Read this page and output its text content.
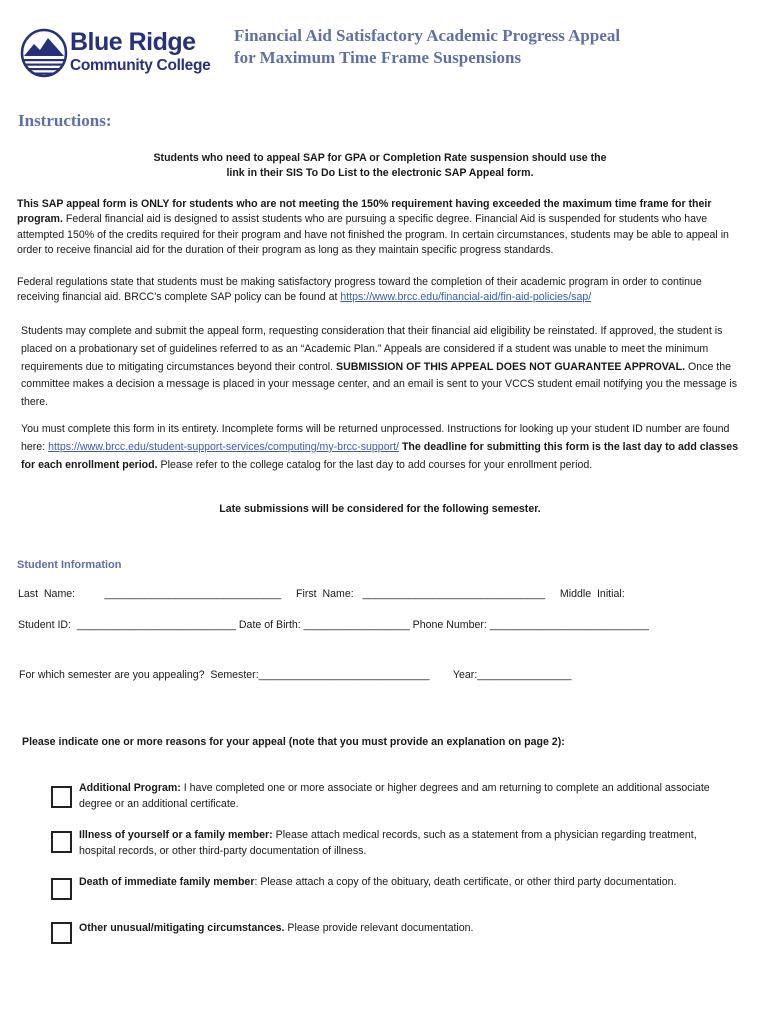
Blue Ridge
Community College
Financial Aid Satisfactory Academic Progress Appeal
for Maximum Time Frame Suspensions
Instructions:
Students who need to appeal SAP for GPA or Completion Rate suspension should use the
link in their SIS To Do List to the electronic SAP Appeal form.
This SAP appeal form is ONLY for students who are not meeting the 150% requirement having exceeded the maximum time frame for their program. Federal financial aid is designed to assist students who are pursuing a specific degree. Financial Aid is suspended for students who have attempted 150% of the credits required for their program and have not finished the program. In certain circumstances, students may be able to appeal in order to receive financial aid for the duration of their program as long as they maintain specific progress standards.
Federal regulations state that students must be making satisfactory progress toward the completion of their academic program in order to continue receiving financial aid. BRCC's complete SAP policy can be found at https://www.brcc.edu/financial-aid/fin-aid-policies/sap/
Students may complete and submit the appeal form, requesting consideration that their financial aid eligibility be reinstated. If approved, the student is placed on a probationary set of guidelines referred to as an “Academic Plan.” Appeals are considered if a student was unable to meet the minimum requirements due to mitigating circumstances beyond their control. SUBMISSION OF THIS APPEAL DOES NOT GUARANTEE APPROVAL. Once the committee makes a decision a message is placed in your message center, and an email is sent to your VCCS student email notifying you the message is there.
You must complete this form in its entirety. Incomplete forms will be returned unprocessed. Instructions for looking up your student ID number are found here: https://www.brcc.edu/student-support-services/computing/my-brcc-support/ The deadline for submitting this form is the last day to add classes for each enrollment period. Please refer to the college catalog for the last day to add courses for your enrollment period.
Late submissions will be considered for the following semester.
Student Information
Last  Name:          ______________________________     First  Name:   _______________________________     Middle  Initial:
Student ID:  ___________________________ Date of Birth: __________________ Phone Number: ___________________________
For which semester are you appealing?  Semester:_____________________________        Year:________________
Please indicate one or more reasons for your appeal (note that you must provide an explanation on page 2):
Additional Program: I have completed one or more associate or higher degrees and am returning to complete an additional associate degree or an additional certificate.
Illness of yourself or a family member: Please attach medical records, such as a statement from a physician regarding treatment, hospital records, or other third-party documentation of illness.
Death of immediate family member: Please attach a copy of the obituary, death certificate, or other third party documentation.
Other unusual/mitigating circumstances. Please provide relevant documentation.
